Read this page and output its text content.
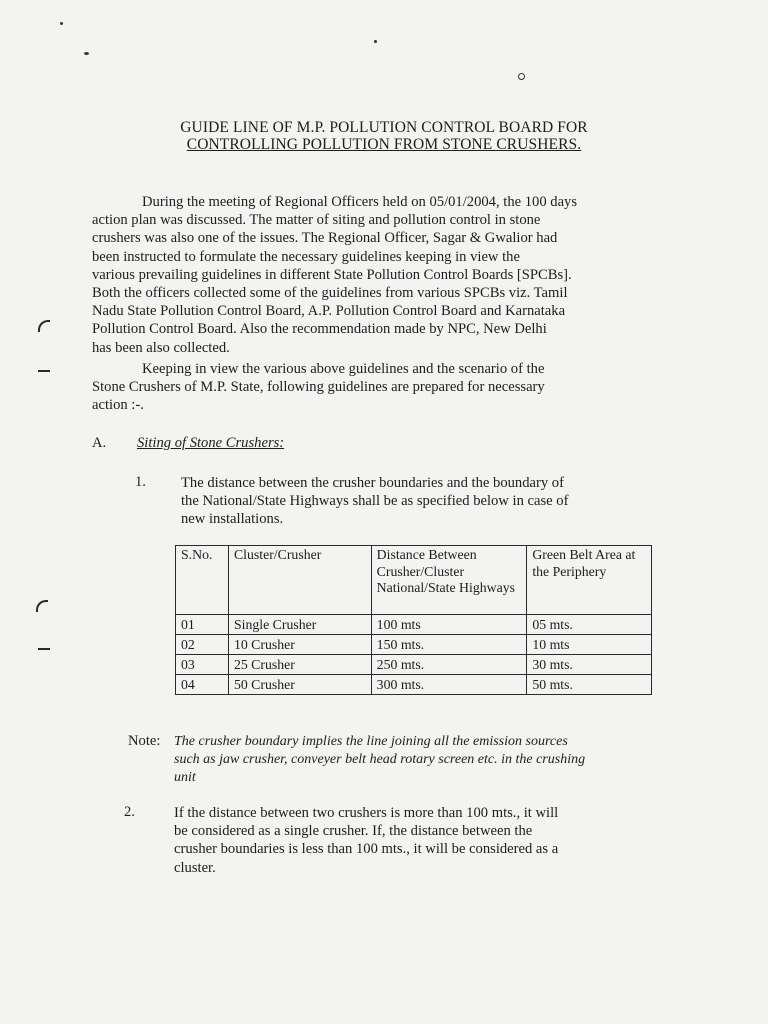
GUIDE LINE OF M.P. POLLUTION CONTROL BOARD FOR
CONTROLLING POLLUTION FROM STONE CRUSHERS.
During the meeting of Regional Officers held on 05/01/2004, the 100 days
action plan was discussed. The matter of siting and pollution control in stone
crushers was also one of the issues. The Regional Officer, Sagar & Gwalior had
been instructed to formulate the necessary guidelines keeping in view the
various prevailing guidelines in different State Pollution Control Boards [SPCBs].
Both the officers collected some of the guidelines from various SPCBs viz. Tamil
Nadu State Pollution Control Board, A.P. Pollution Control Board and Karnataka
Pollution Control Board. Also the recommendation made by NPC, New Delhi
has been also collected.
Keeping in view the various above guidelines and the scenario of the
Stone Crushers of M.P. State, following guidelines are prepared for necessary
action :-.
A. Siting of Stone Crushers:
1. The distance between the crusher boundaries and the boundary of
the National/State Highways shall be as specified below in case of
new installations.
S.No.	Cluster/Crusher	Distance Between Crusher/Cluster National/State Highways	Green Belt Area at the Periphery
01	Single Crusher	100 mts	05 mts.
02	10 Crusher	150 mts.	10 mts
03	25 Crusher	250 mts.	30 mts.
04	50 Crusher	300 mts.	50 mts.
Note: The crusher boundary implies the line joining all the emission sources
such as jaw crusher, conveyer belt head rotary screen etc. in the crushing
unit
2.	If the distance between two crushers is more than 100 mts., it will
be considered as a single crusher. If, the distance between the
crusher boundaries is less than 100 mts., it will be considered as a
cluster.
